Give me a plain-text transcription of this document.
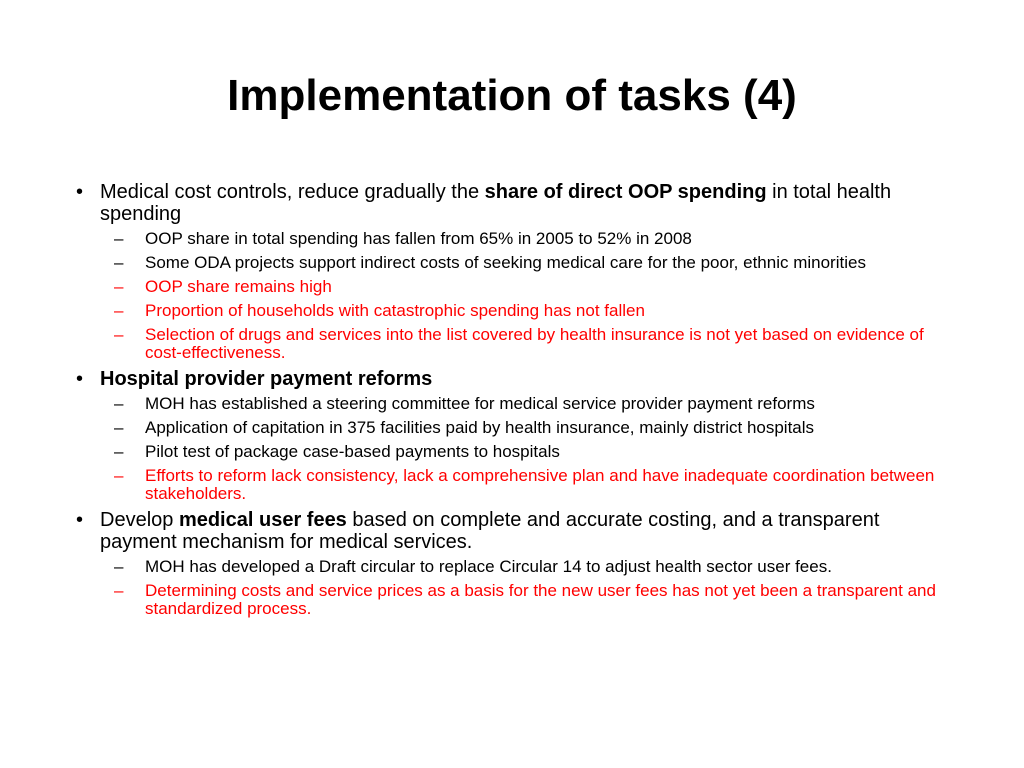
Implementation of tasks (4)
• Medical cost controls, reduce gradually the share of direct OOP spending in total health spending
– OOP share in total spending has fallen from 65% in 2005 to 52% in 2008
– Some ODA projects support indirect costs of seeking medical care for the poor, ethnic minorities
– OOP share remains high
– Proportion of households with catastrophic spending has not fallen
– Selection of drugs and services into the list covered by health insurance is not yet based on evidence of cost-effectiveness.
• Hospital provider payment reforms
– MOH has established a steering committee for medical service provider payment reforms
– Application of capitation in 375 facilities paid by health insurance, mainly district hospitals
– Pilot test of package case-based payments to hospitals
– Efforts to reform lack consistency, lack a comprehensive plan and have inadequate coordination between stakeholders.
• Develop medical user fees based on complete and accurate costing, and a transparent payment mechanism for medical services.
– MOH has developed a Draft circular to replace Circular 14 to adjust health sector user fees.
– Determining costs and service prices as a basis for the new user fees has not yet been a transparent and standardized process.
